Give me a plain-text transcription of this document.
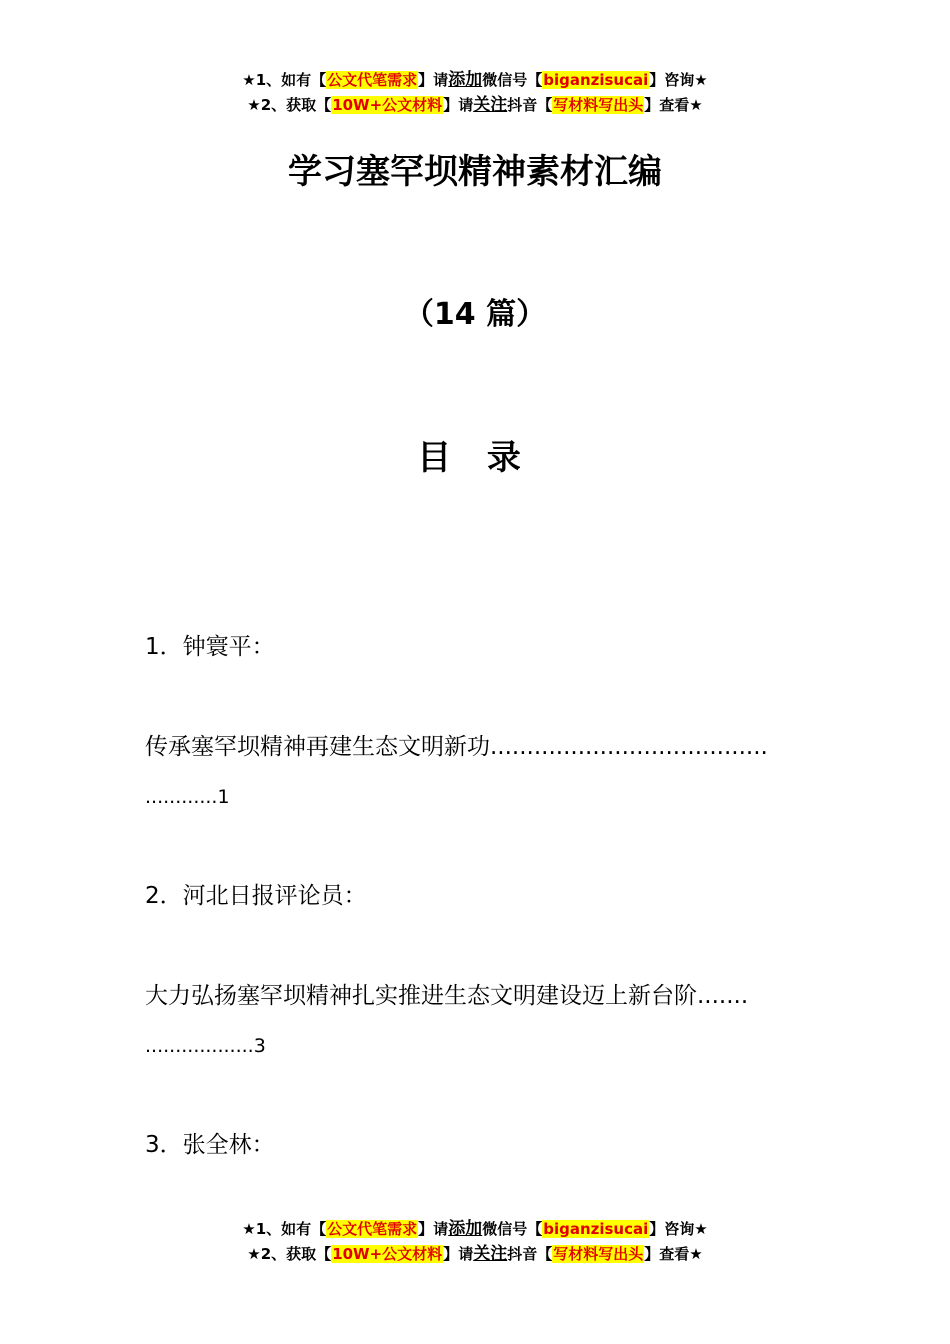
★1、如有【公文代笔需求】请添加微信号【biganzisucai】咨询★
★2、获取【10W+公文材料】请关注抖音【写材料写出头】查看★
学习塞罕坝精神素材汇编
（14 篇）
目 录
1．钟寰平：
传承塞罕坝精神再建生态文明新功......................................
............1
2．河北日报评论员：
大力弘扬塞罕坝精神扎实推进生态文明建设迈上新台阶.......
..................3
3．张全林：
★1、如有【公文代笔需求】请添加微信号【biganzisucai】咨询★
★2、获取【10W+公文材料】请关注抖音【写材料写出头】查看★
